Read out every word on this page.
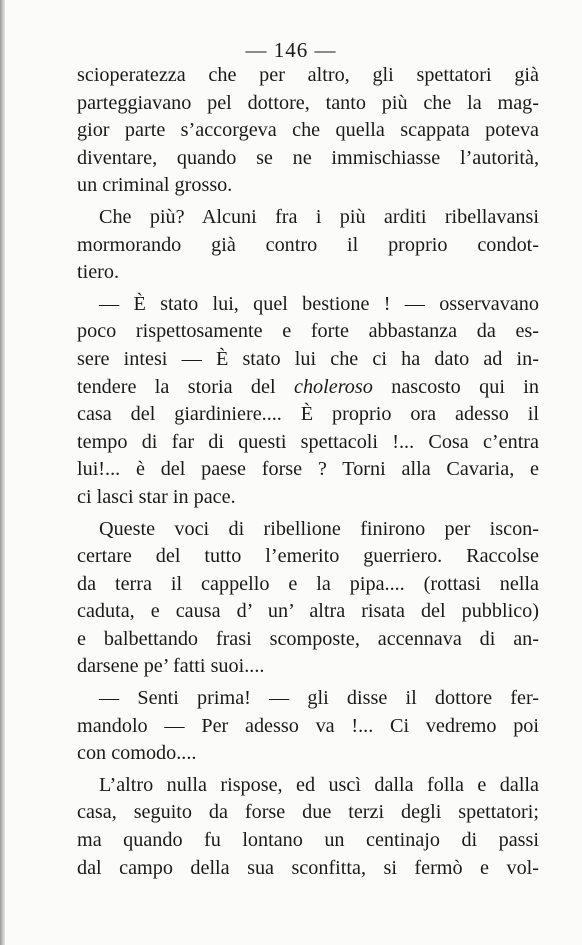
— 146 —
scioperatezza che per altro, gli spettatori già
parteggiavano pel dottore, tanto più che la mag-
gior parte s’accorgeva che quella scappata poteva
diventare, quando se ne immischiasse l’autorità,
un criminal grosso.
Che più? Alcuni fra i più arditi ribellavansi
mormorando già contro il proprio condot-
tiero.
— È stato lui, quel bestione ! — osservavano
poco rispettosamente e forte abbastanza da es-
sere intesi — È stato lui che ci ha dato ad in-
tendere la storia del choleroso nascosto qui in
casa del giardiniere.... È proprio ora adesso il
tempo di far di questi spettacoli !... Cosa c’entra
lui!... è del paese forse ? Torni alla Cavaria, e
ci lasci star in pace.
Queste voci di ribellione finirono per iscon-
certare del tutto l’emerito guerriero. Raccolse
da terra il cappello e la pipa.... (rottasi nella
caduta, e causa d’ un’ altra risata del pubblico)
e balbettando frasi scomposte, accennava di an-
darsene pe’ fatti suoi....
— Senti prima! — gli disse il dottore fer-
mandolo — Per adesso va !... Ci vedremo poi
con comodo....
L’altro nulla rispose, ed uscì dalla folla e dalla
casa, seguito da forse due terzi degli spettatori;
ma quando fu lontano un centinajo di passi
dal campo della sua sconfitta, si fermò e vol-
